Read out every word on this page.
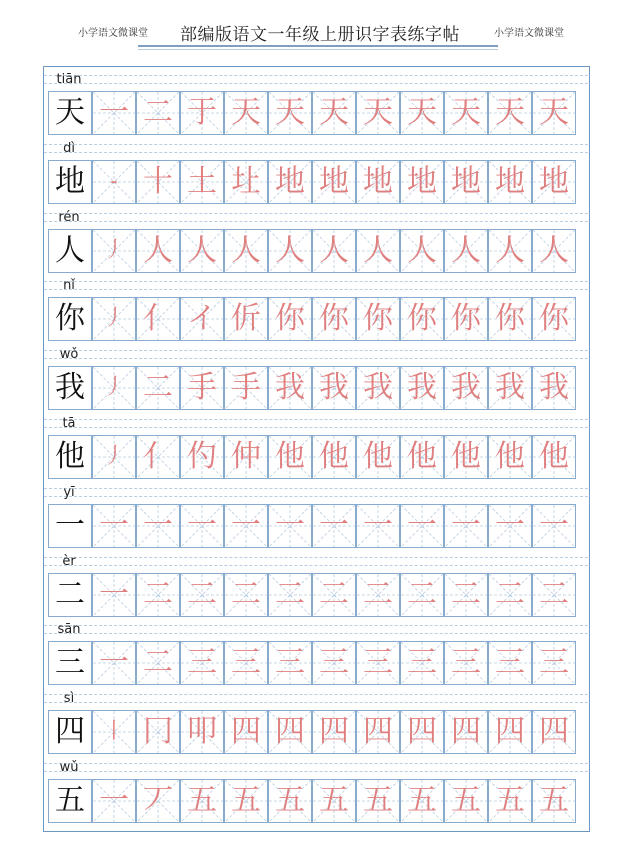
小学语文微课堂	部编版语文一年级上册识字表练字帖	小学语文微课堂
tiān
天 一 二 于 天 天 天 天 天 天 天 天
dì
地	- 十 土 圵 地 地 地 地 地 地 地
rén
人 丿 人 人 人 人 人 人 人 人 人 人
nǐ
你 丿 亻 イ 伒 你 你 你 你 你 你 你
wǒ
我 丿 二 手 手 我 我 我 我 我 我 我
tā
他 丿 亻 仢 仲 他 他 他 他 他 他 他
yī
一 一 一 一 一 一 一 一 一 一 一 一
èr
二 一 二 二 二 二 二 二 二 二 二 二
sān
三 一 二 三 三 三 三 三 三 三 三 三
sì
四 丨 冂 叩 四 四 四 四 四 四 四 四
wǔ
五 一 丆 五 五 五 五 五 五 五 五 五
